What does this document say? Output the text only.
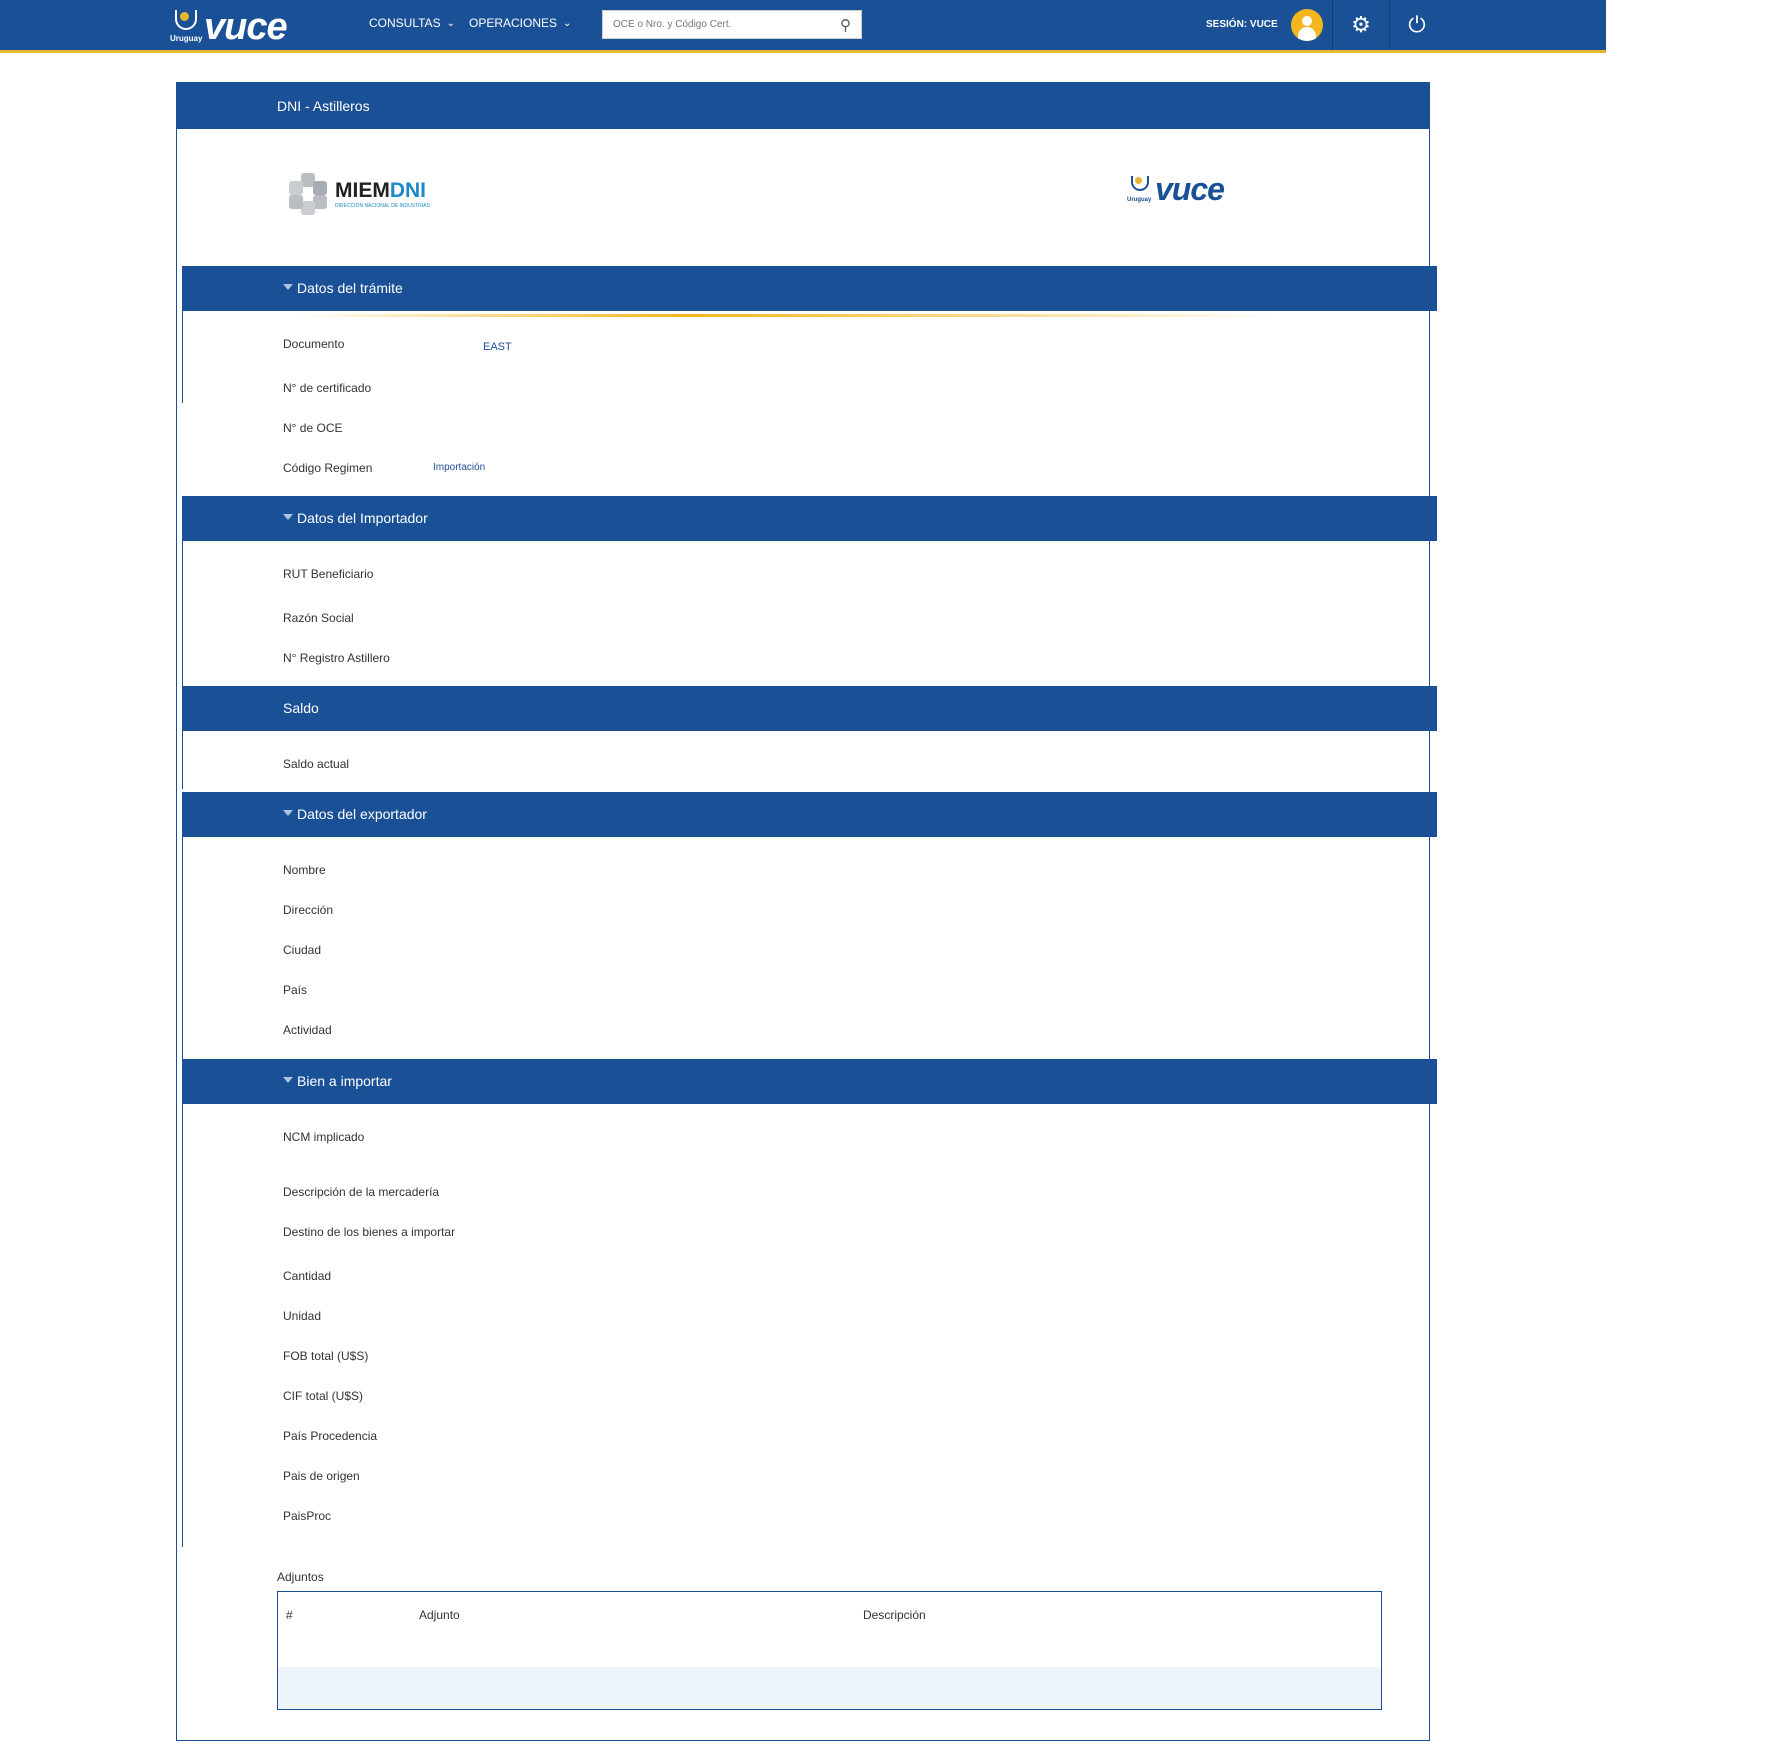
Uruguay vuce	CONSULTAS ⌄ OPERACIONES ⌄
OCE o Nro. y Código Cert.	⚲	SESIÓN: VUCE	⚙ ⏻
DNI - Astilleros
MIEMDNI
DIRECCIÓN NACIONAL DE INDUSTRIAS
Uruguay vuce
Datos del trámite
Documento	EAST
N° de certificado
N° de OCE
Código Regimen	Importación
Datos del Importador
RUT Beneficiario
Razón Social
N° Registro Astillero
Saldo
Saldo actual
Datos del exportador
Nombre
Dirección
Ciudad
País
Actividad
Bien a importar
NCM implicado
Descripción de la mercadería
Destino de los bienes a importar
Cantidad
Unidad
FOB total (U$S)
CIF total (U$S)
País Procedencia
Pais de origen
PaisProc
Adjuntos
#	Adjunto	Descripción
